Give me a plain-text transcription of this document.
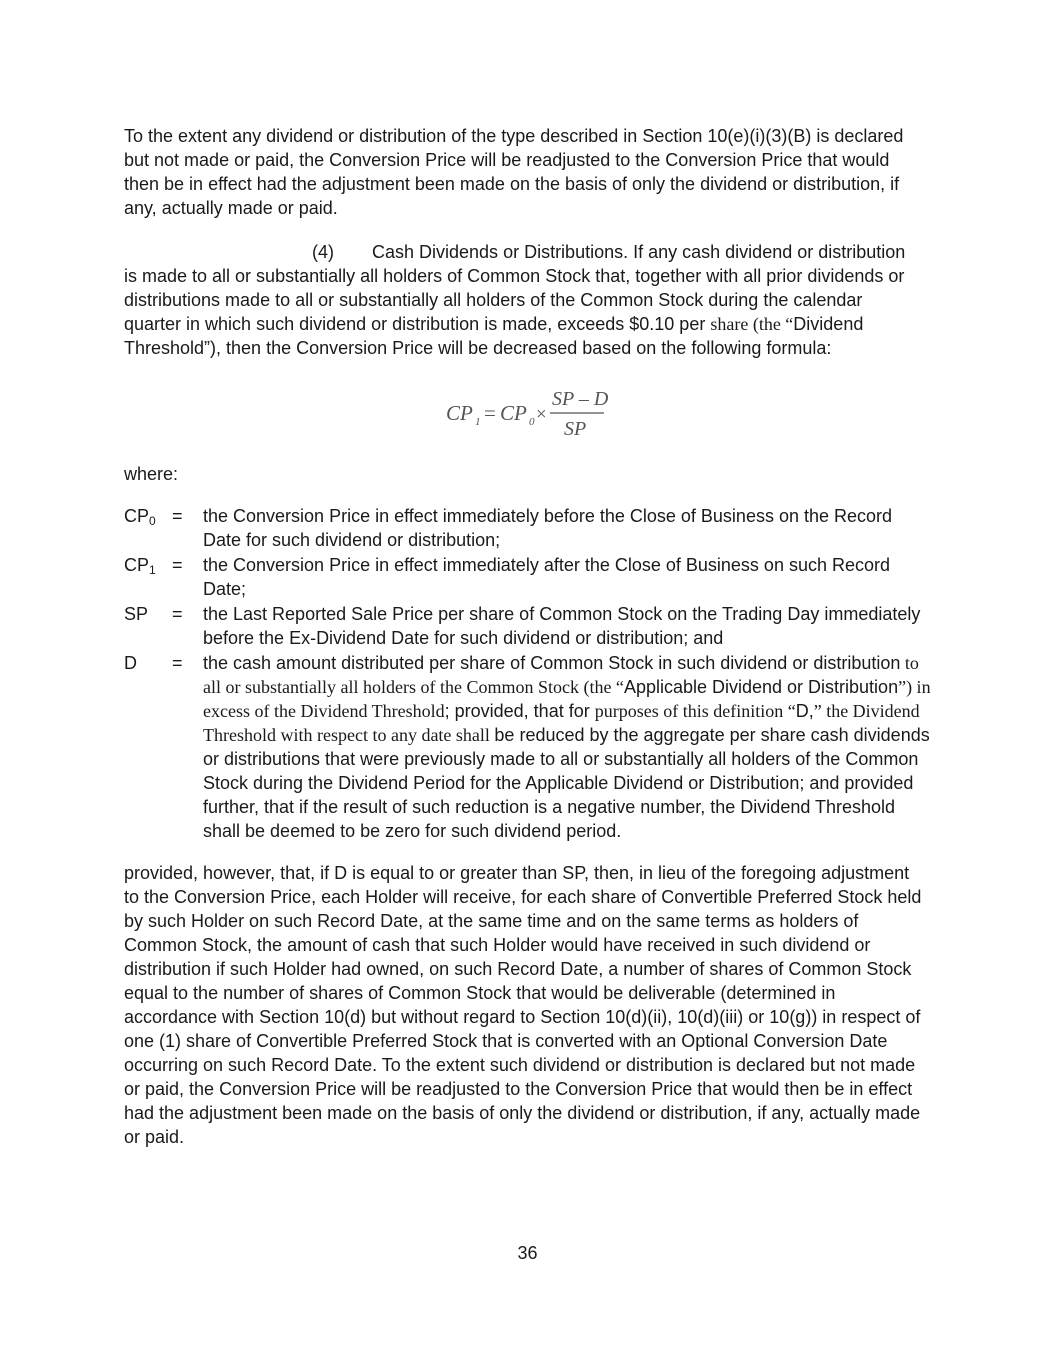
To the extent any dividend or distribution of the type described in Section 10(e)(i)(3)(B) is declared but not made or paid, the Conversion Price will be readjusted to the Conversion Price that would then be in effect had the adjustment been made on the basis of only the dividend or distribution, if any, actually made or paid.

(4) Cash Dividends or Distributions. If any cash dividend or distribution is made to all or substantially all holders of Common Stock that, together with all prior dividends or distributions made to all or substantially all holders of the Common Stock during the calendar quarter in which such dividend or distribution is made, exceeds $0.10 per share (the “Dividend Threshold”), then the Conversion Price will be decreased based on the following formula:

CP 1 = CP 0 ×
SP – D
SP

where:

$CP_0$ =	the Conversion Price in effect immediately before the Close of Business on the Record Date for such dividend or distribution;
$CP_1$ =	the Conversion Price in effect immediately after the Close of Business on such Record Date;
SP	=	the Last Reported Sale Price per share of Common Stock on the Trading Day immediately before the Ex-Dividend Date for such dividend or distribution; and
D	=	the cash amount distributed per share of Common Stock in such dividend or distribution to all or substantially all holders of the Common Stock (the “Applicable Dividend or Distribution”) in excess of the Dividend Threshold; provided, that for purposes of this definition “D,” the Dividend Threshold with respect to any date shall be reduced by the aggregate per share cash dividends or distributions that were previously made to all or substantially all holders of the Common Stock during the Dividend Period for the Applicable Dividend or Distribution; and provided further, that if the result of such reduction is a negative number, the Dividend Threshold shall be deemed to be zero for such dividend period.

provided, however, that, if D is equal to or greater than SP, then, in lieu of the foregoing adjustment to the Conversion Price, each Holder will receive, for each share of Convertible Preferred Stock held by such Holder on such Record Date, at the same time and on the same terms as holders of Common Stock, the amount of cash that such Holder would have received in such dividend or distribution if such Holder had owned, on such Record Date, a number of shares of Common Stock equal to the number of shares of Common Stock that would be deliverable (determined in accordance with Section 10(d) but without regard to Section 10(d)(ii), 10(d)(iii) or 10(g)) in respect of one (1) share of Convertible Preferred Stock that is converted with an Optional Conversion Date occurring on such Record Date. To the extent such dividend or distribution is declared but not made or paid, the Conversion Price will be readjusted to the Conversion Price that would then be in effect had the adjustment been made on the basis of only the dividend or distribution, if any, actually made or paid.

36
